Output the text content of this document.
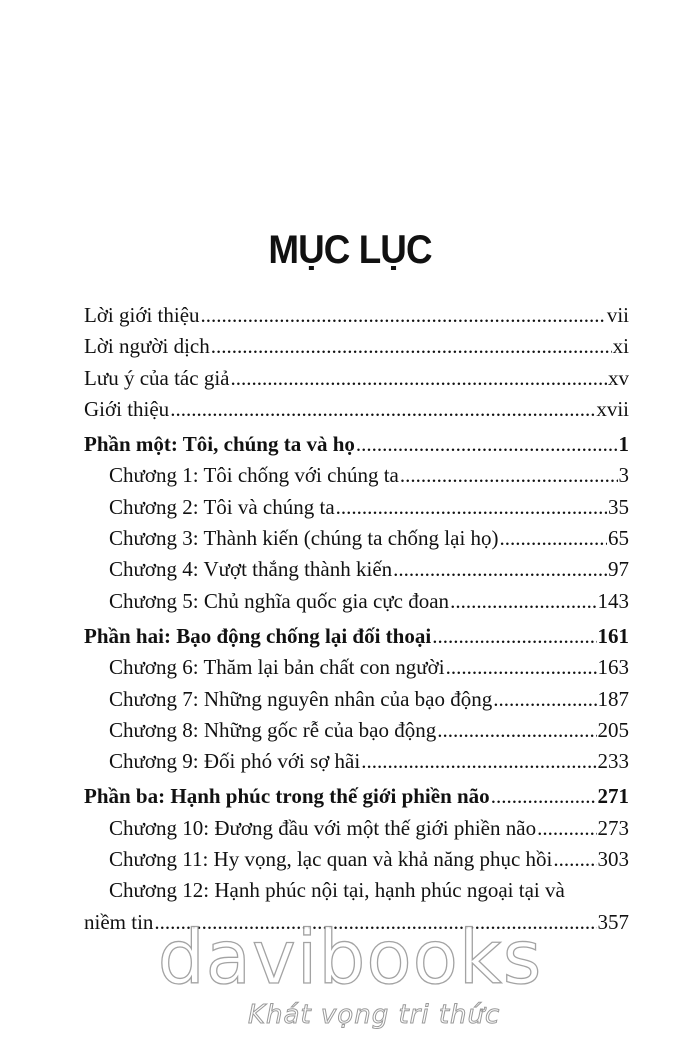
MỤC LỤC
Lời giới thiệu .....	vii
Lời người dịch .....	xi
Lưu ý của tác giả .....	xv
Giới thiệu .....	xvii
Phần một: Tôi, chúng ta và họ .....	1
Chương 1: Tôi chống với chúng ta .....	3
Chương 2: Tôi và chúng ta .....	35
Chương 3: Thành kiến (chúng ta chống lại họ) .....	65
Chương 4: Vượt thắng thành kiến .....	97
Chương 5: Chủ nghĩa quốc gia cực đoan .....	143
Phần hai: Bạo động chống lại đối thoại .....	161
Chương 6: Thăm lại bản chất con người .....	163
Chương 7: Những nguyên nhân của bạo động .....	187
Chương 8: Những gốc rễ của bạo động .....	205
Chương 9: Đối phó với sợ hãi .....	233
Phần ba: Hạnh phúc trong thế giới phiền não .....	271
Chương 10: Đương đầu với một thế giới phiền não .....	273
Chương 11: Hy vọng, lạc quan và khả năng phục hồi ..... 303
Chương 12: Hạnh phúc nội tại, hạnh phúc ngoại tại và
niềm tin .....	357
davibooks
Khát vọng tri thức
